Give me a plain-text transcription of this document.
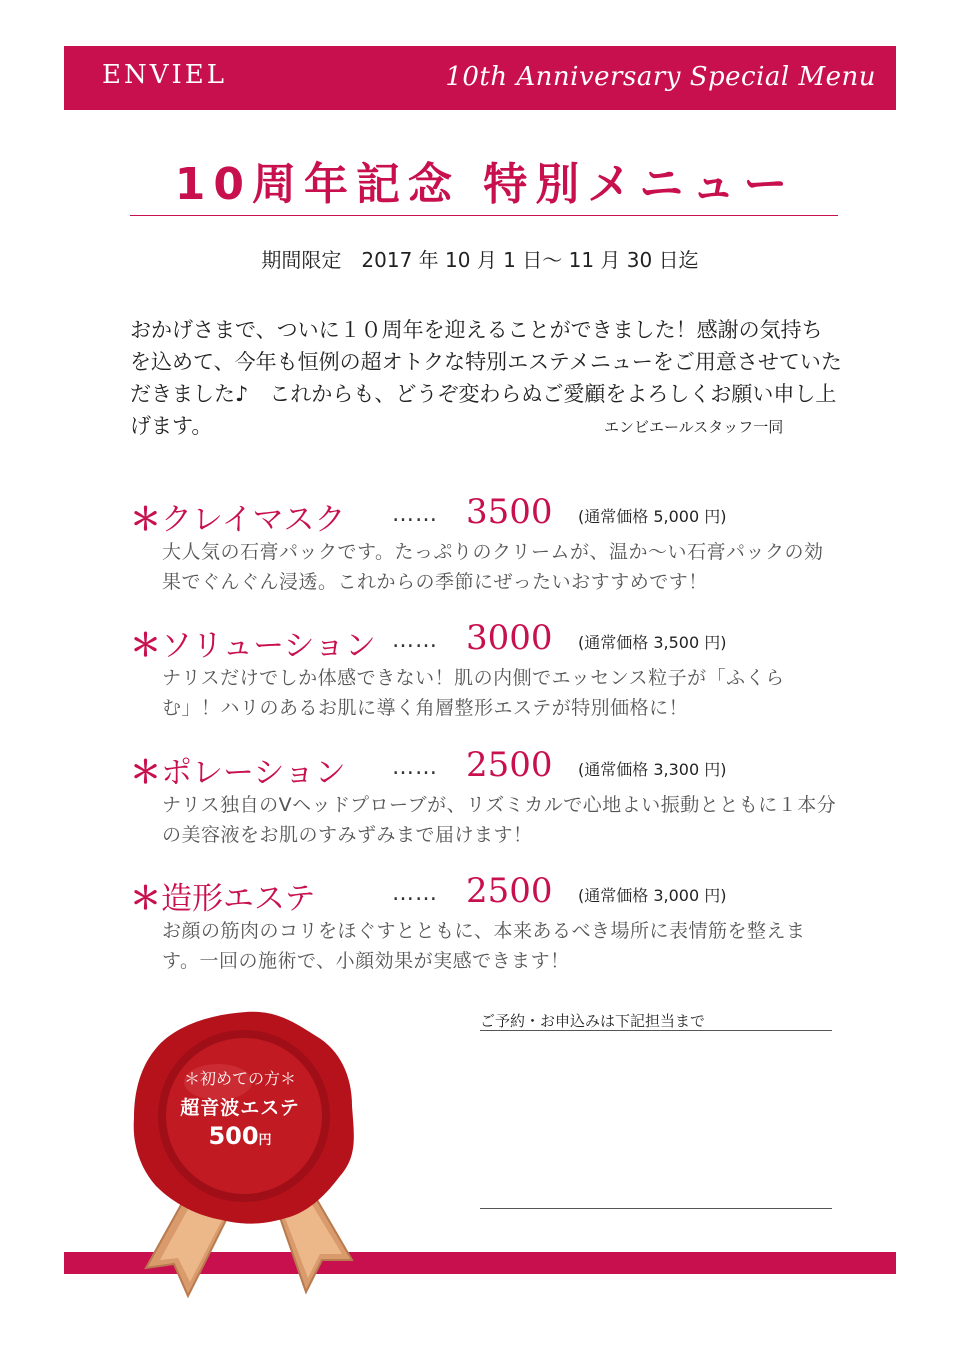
ENVIEL	10th Anniversary Special Menu
10周年記念 特別メニュー
期間限定　2017 年 10 月 1 日～ 11 月 30 日迄
おかげさまで、ついに１０周年を迎えることができました！感謝の気持ちを込めて、今年も恒例の超オトクな特別エステメニューをご用意させていただきました♪　これからも、どうぞ変わらぬご愛顧をよろしくお願い申し上げます。	エンビエールスタッフ一同
＊クレイマスク …… 3500 (通常価格 5,000 円)
大人気の石膏パックです。たっぷりのクリームが、温か～い石膏パックの効果でぐんぐん浸透。これからの季節にぜったいおすすめです！
＊ソリューション …… 3000 (通常価格 3,500 円)
ナリスだけでしか体感できない！肌の内側でエッセンス粒子が「ふくらむ」！ハリのあるお肌に導く角層整形エステが特別価格に！
＊ポレーション …… 2500 (通常価格 3,300 円)
ナリス独自のVヘッドプローブが、リズミカルで心地よい振動とともに１本分の美容液をお肌のすみずみまで届けます！
＊造形エステ	…… 2500 (通常価格 3,000 円)
お顔の筋肉のコリをほぐすとともに、本来あるべき場所に表情筋を整えます。一回の施術で、小顔効果が実感できます！
ご予約・お申込みは下記担当まで
＊初めての方＊
超音波エステ
500円
